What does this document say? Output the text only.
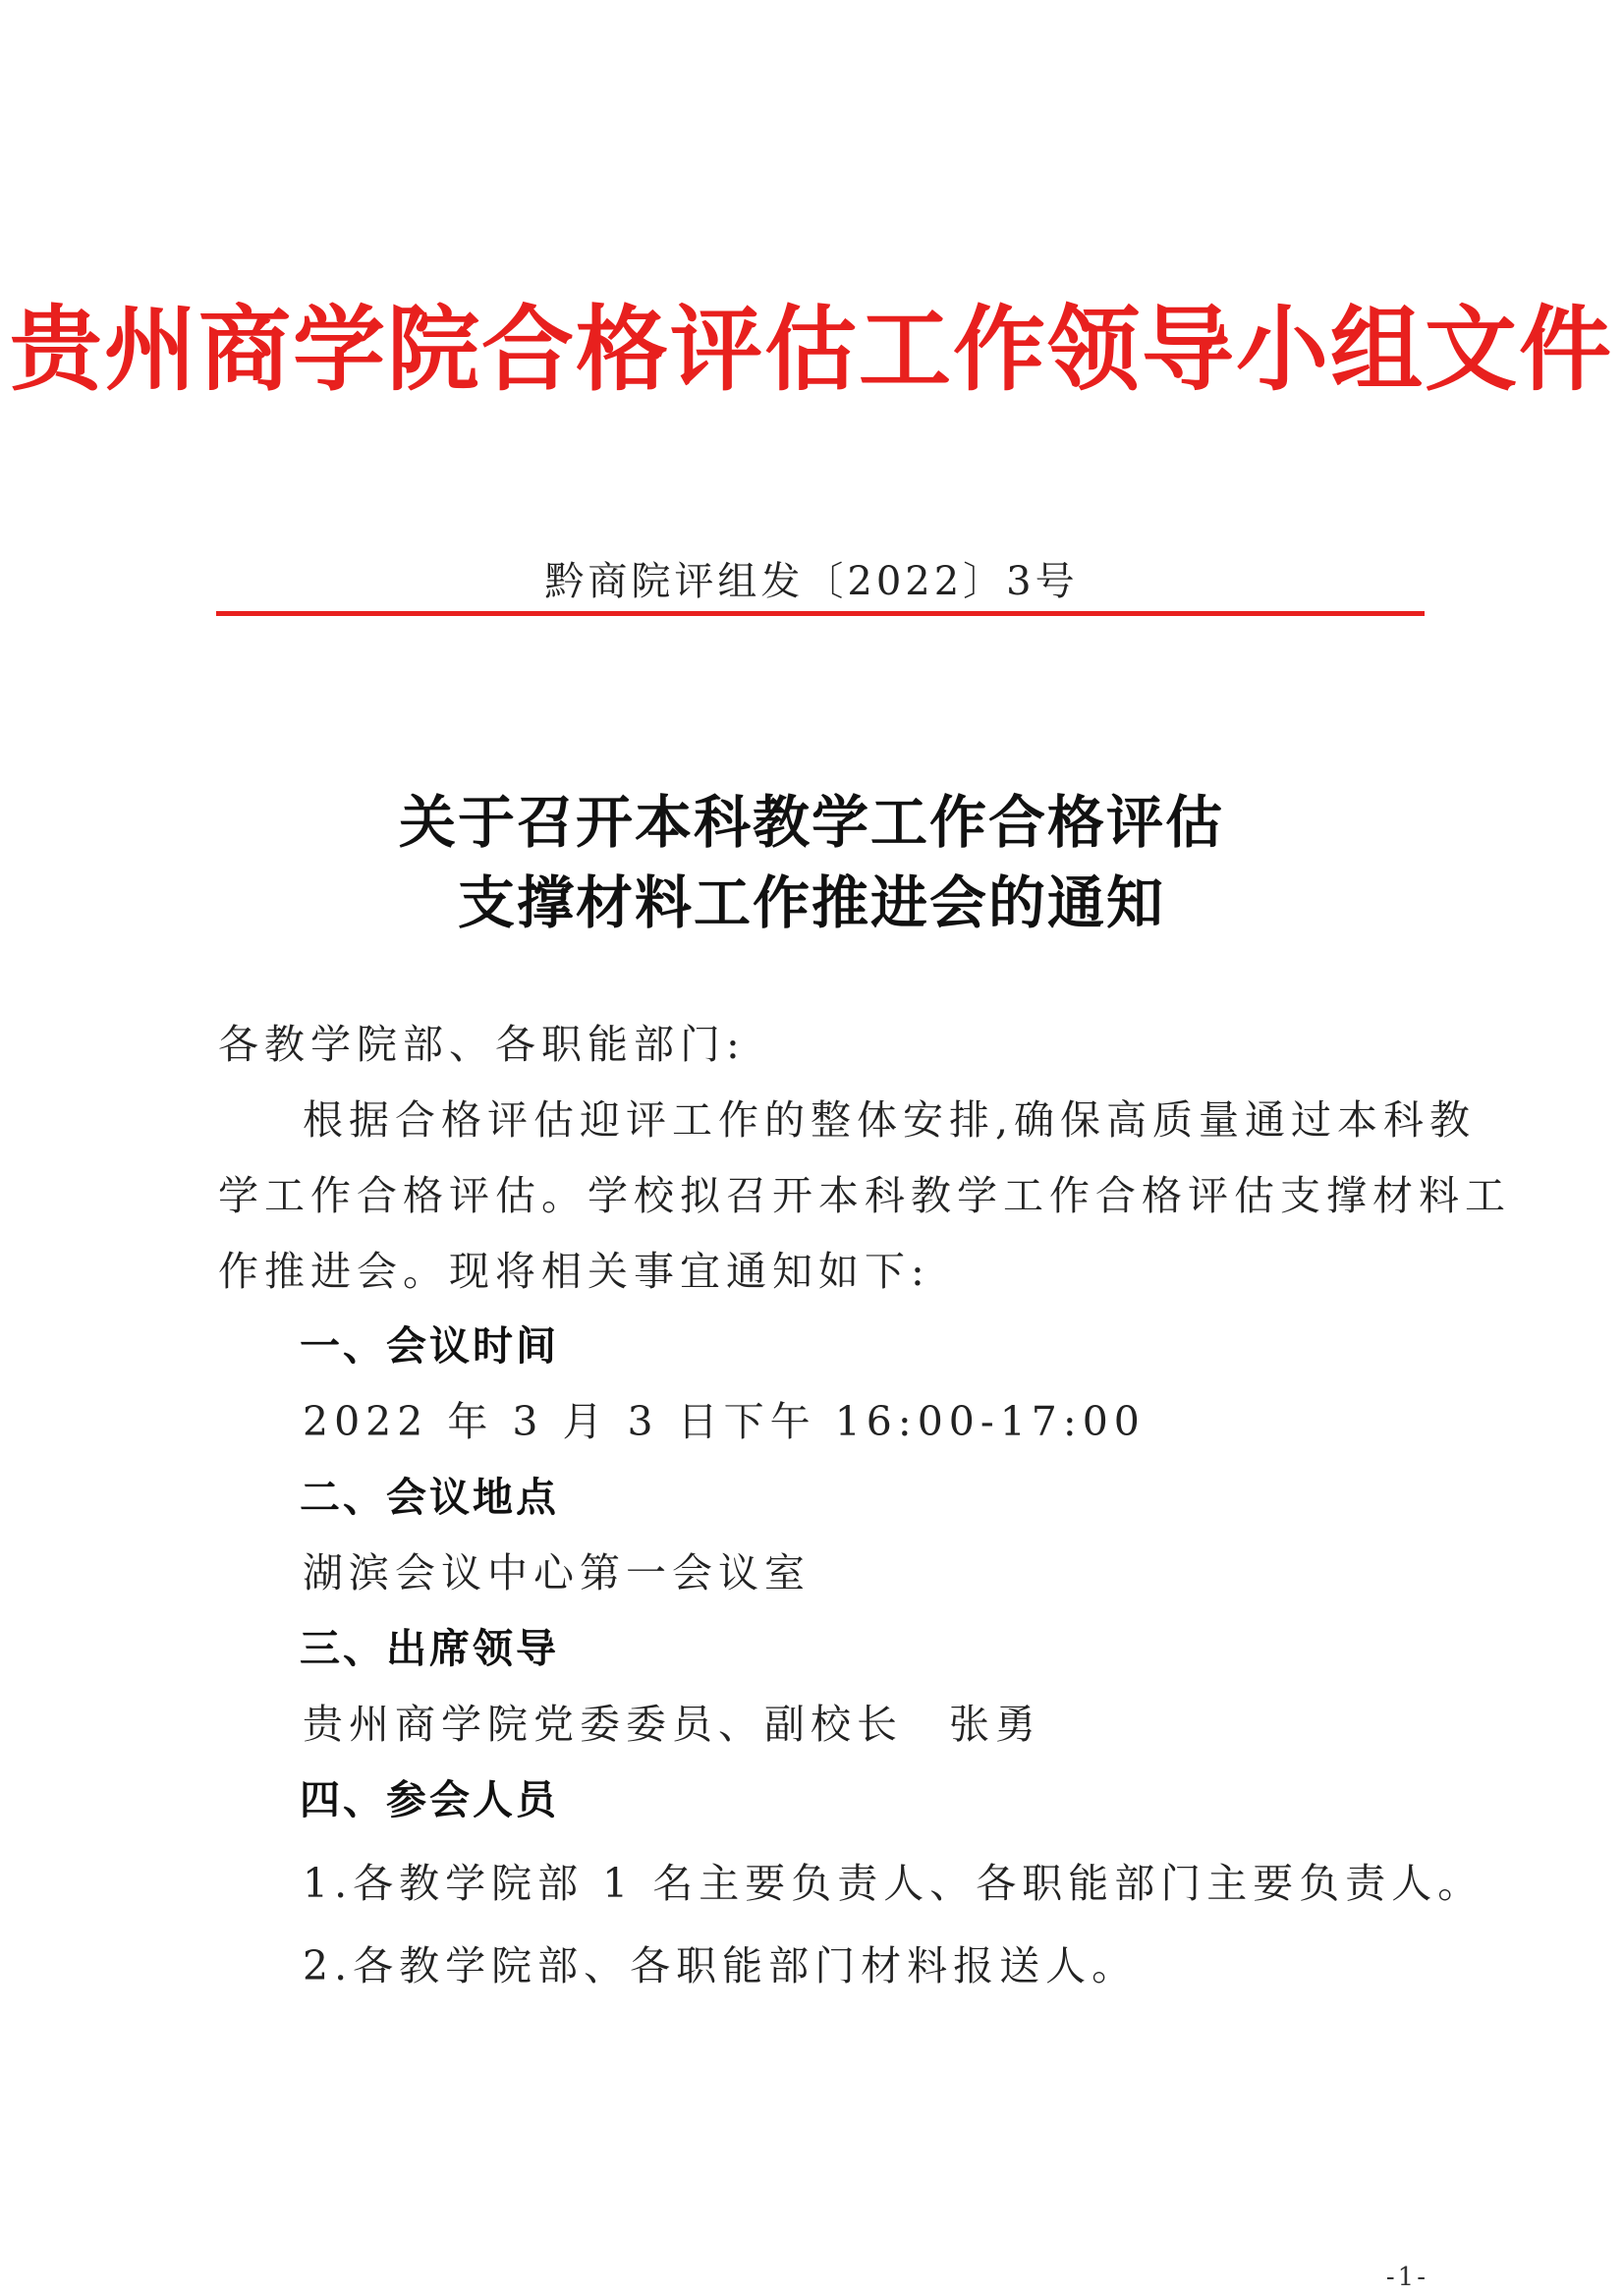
贵州商学院合格评估工作领导小组文件
黔商院评组发〔2022〕3号
关于召开本科教学工作合格评估
支撑材料工作推进会的通知
各教学院部、各职能部门:
根据合格评估迎评工作的整体安排,确保高质量通过本科教
学工作合格评估。学校拟召开本科教学工作合格评估支撑材料工
作推进会。现将相关事宜通知如下:
一、会议时间
2022 年 3 月 3 日下午 16:00-17:00
二、会议地点
湖滨会议中心第一会议室
三、出席领导
贵州商学院党委委员、副校长　张勇
四、参会人员
1.各教学院部 1 名主要负责人、各职能部门主要负责人。
2.各教学院部、各职能部门材料报送人。
-1-
